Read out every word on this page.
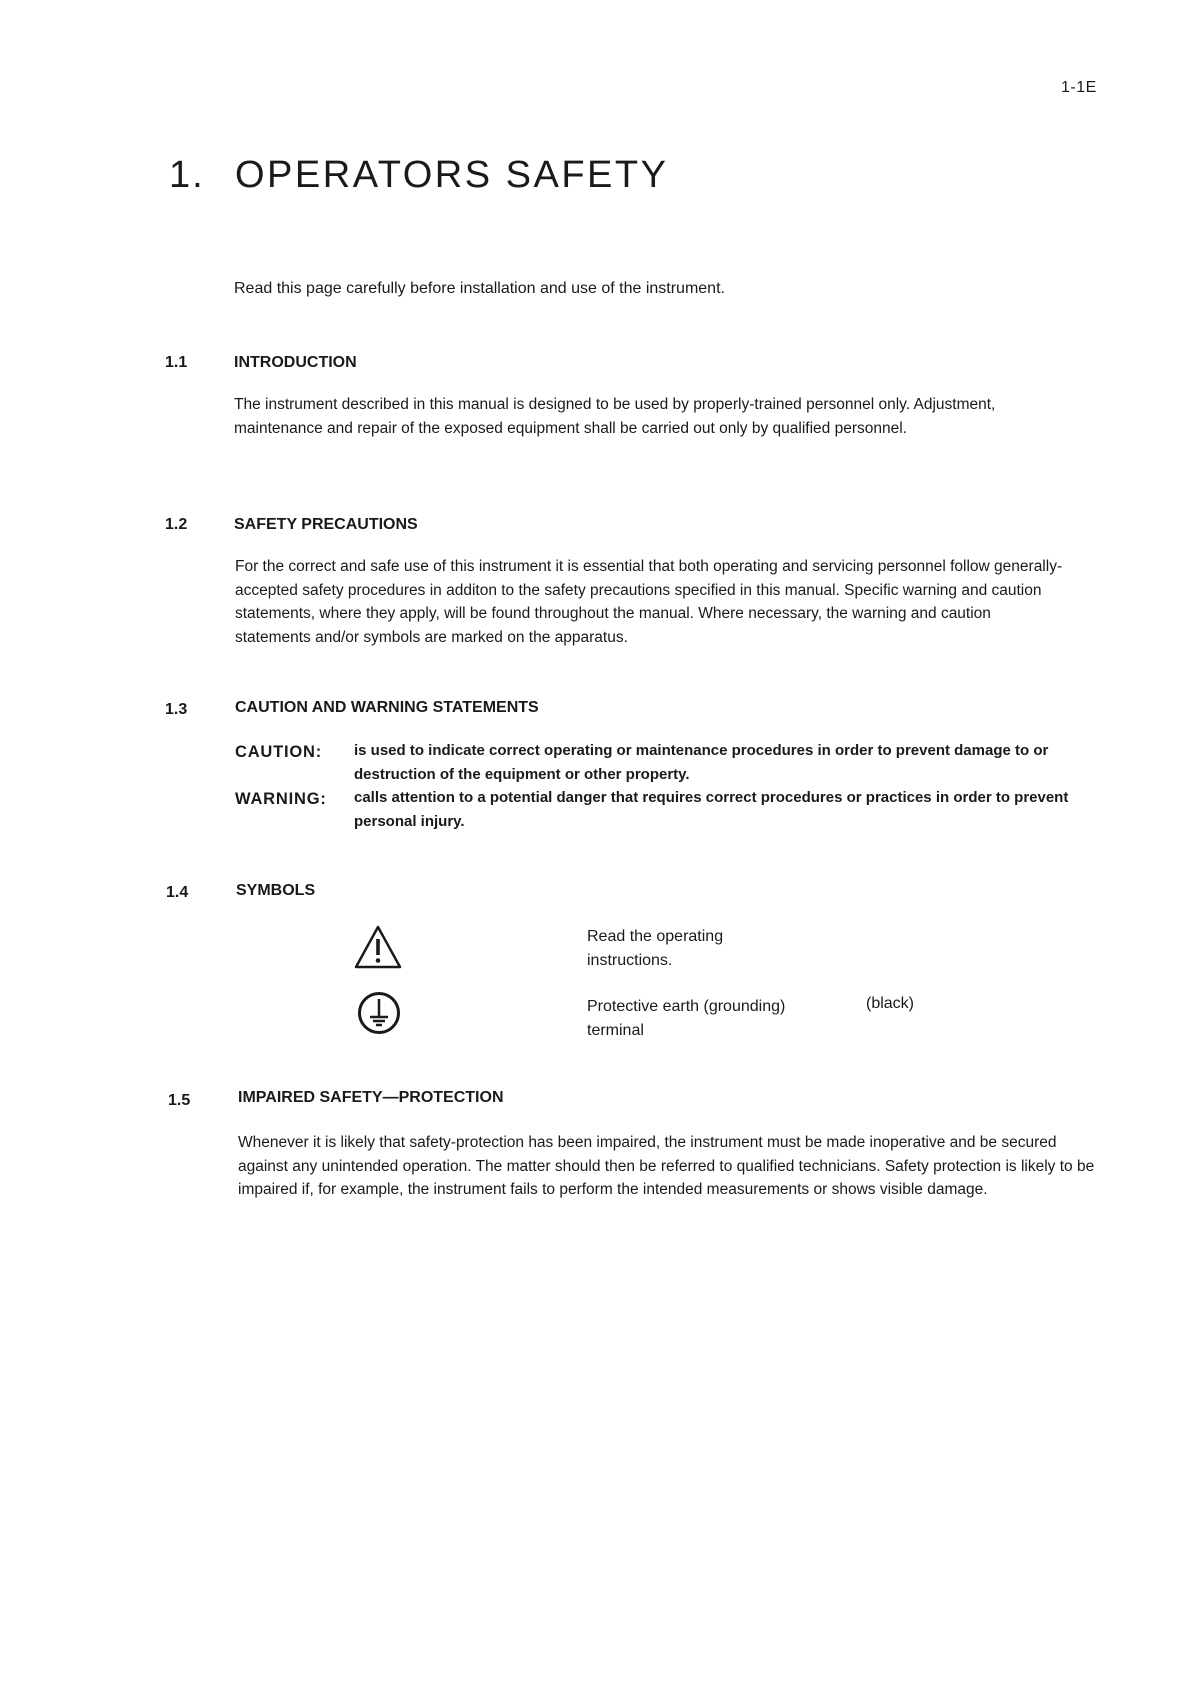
1-1E
1. OPERATORS SAFETY
Read this page carefully before installation and use of the instrument.
1.1	INTRODUCTION
The instrument described in this manual is designed to be used by properly-trained personnel only. Adjustment, maintenance and repair of the exposed equipment shall be carried out only by qualified personnel.
1.2	SAFETY PRECAUTIONS
For the correct and safe use of this instrument it is essential that both operating and servicing personnel follow generally-accepted safety procedures in additon to the safety precautions specified in this manual. Specific warning and caution statements, where they apply, will be found throughout the manual. Where necessary, the warning and caution statements and/or symbols are marked on the apparatus.
1.3	CAUTION AND WARNING STATEMENTS
CAUTION: is used to indicate correct operating or maintenance procedures in order to prevent damage to or destruction of the equipment or other property.
WARNING: calls attention to a potential danger that requires correct procedures or practices in order to prevent personal injury.
1.4	SYMBOLS
Read the operating instructions.
Protective earth (grounding) terminal
(black)
1.5	IMPAIRED SAFETY—PROTECTION
Whenever it is likely that safety-protection has been impaired, the instrument must be made inoperative and be secured against any unintended operation. The matter should then be referred to qualified technicians. Safety protection is likely to be impaired if, for example, the instrument fails to perform the intended measurements or shows visible damage.
